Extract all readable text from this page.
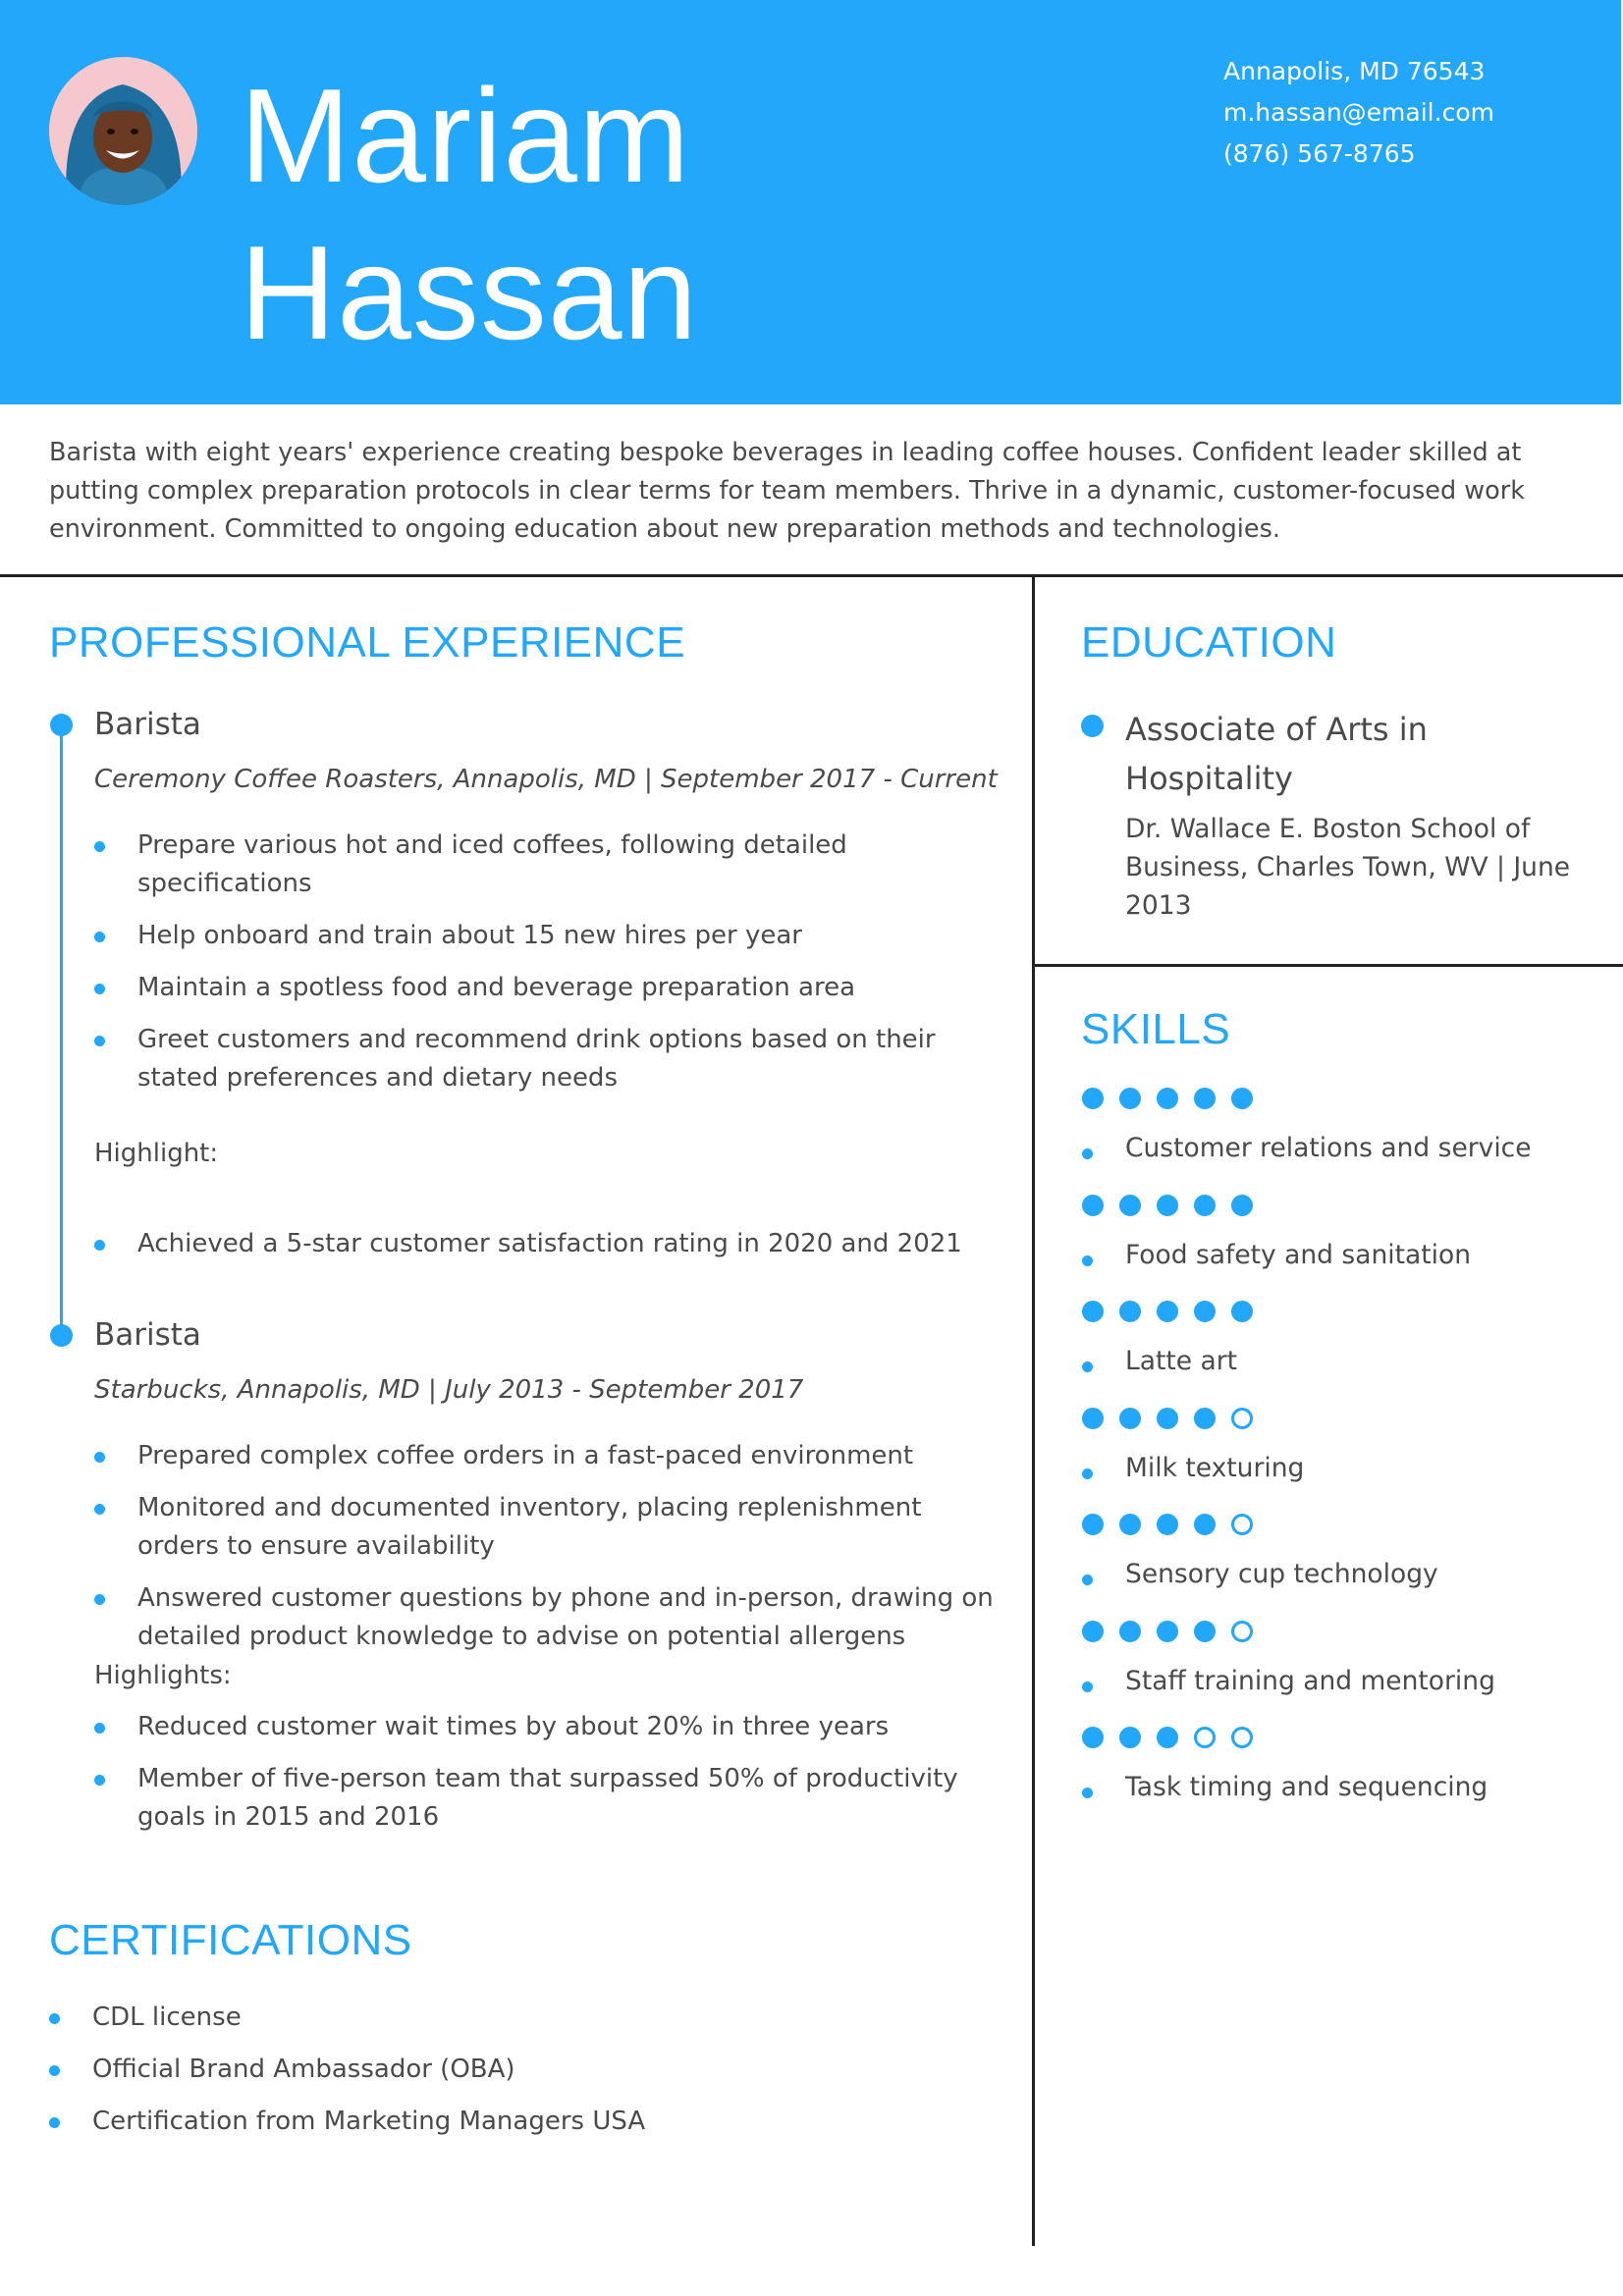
Mariam
Hassan
Annapolis, MD 76543
m.hassan@email.com
(876) 567-8765

Barista with eight years' experience creating bespoke beverages in leading coffee houses. Confident leader skilled at putting complex preparation protocols in clear terms for team members. Thrive in a dynamic, customer-focused work environment. Committed to ongoing education about new preparation methods and technologies.

PROFESSIONAL EXPERIENCE
Barista
Ceremony Coffee Roasters, Annapolis, MD | September 2017 - Current
Prepare various hot and iced coffees, following detailed specifications
Help onboard and train about 15 new hires per year
Maintain a spotless food and beverage preparation area
Greet customers and recommend drink options based on their stated preferences and dietary needs
Highlight:
Achieved a 5-star customer satisfaction rating in 2020 and 2021
Barista
Starbucks, Annapolis, MD | July 2013 - September 2017
Prepared complex coffee orders in a fast-paced environment
Monitored and documented inventory, placing replenishment orders to ensure availability
Answered customer questions by phone and in-person, drawing on detailed product knowledge to advise on potential allergens
Highlights:
Reduced customer wait times by about 20% in three years
Member of five-person team that surpassed 50% of productivity goals in 2015 and 2016
CERTIFICATIONS
CDL license
Official Brand Ambassador (OBA)
Certification from Marketing Managers USA
EDUCATION
Associate of Arts in Hospitality
Dr. Wallace E. Boston School of Business, Charles Town, WV | June 2013
SKILLS
Customer relations and service
Food safety and sanitation
Latte art
Milk texturing
Sensory cup technology
Staff training and mentoring
Task timing and sequencing
